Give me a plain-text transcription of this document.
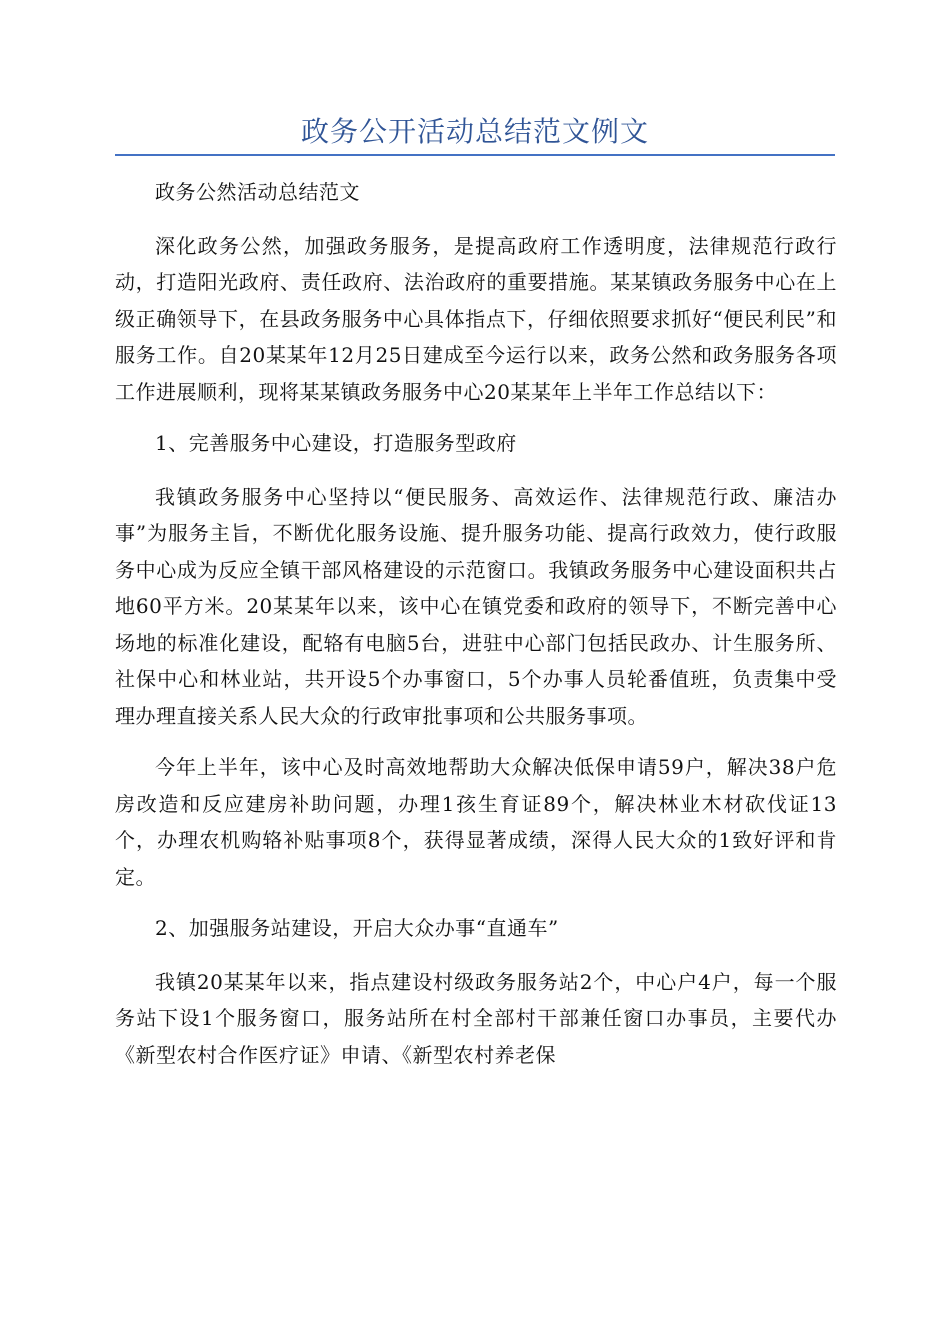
政务公开活动总结范文例文

政务公然活动总结范文

深化政务公然，加强政务服务，是提高政府工作透明度，法律规范行政行动，打造阳光政府、责任政府、法治政府的重要措施。某某镇政务服务中心在上级正确领导下，在县政务服务中心具体指点下，仔细依照要求抓好“便民利民”和服务工作。自20某某年12月25日建成至今运行以来，政务公然和政务服务各项工作进展顺利，现将某某镇政务服务中心20某某年上半年工作总结以下：

1、完善服务中心建设，打造服务型政府

我镇政务服务中心坚持以“便民服务、高效运作、法律规范行政、廉洁办事”为服务主旨，不断优化服务设施、提升服务功能、提高行政效力，使行政服务中心成为反应全镇干部风格建设的示范窗口。我镇政务服务中心建设面积共占地60平方米。20某某年以来，该中心在镇党委和政府的领导下，不断完善中心场地的标准化建设，配辂有电脑5台，进驻中心部门包括民政办、计生服务所、社保中心和林业站，共开设5个办事窗口，5个办事人员轮番值班，负责集中受理办理直接关系人民大众的行政审批事项和公共服务事项。

今年上半年，该中心及时高效地帮助大众解决低保申请59户，解决38户危房改造和反应建房补助问题，办理1孩生育证89个，解决林业木材砍伐证13个，办理农机购辂补贴事项8个，获得显著成绩，深得人民大众的1致好评和肯定。

2、加强服务站建设，开启大众办事“直通车”

我镇20某某年以来，指点建设村级政务服务站2个，中心户4户，每一个服务站下设1个服务窗口，服务站所在村全部村干部兼任窗口办事员，主要代办《新型农村合作医疗证》申请、《新型农村养老保
